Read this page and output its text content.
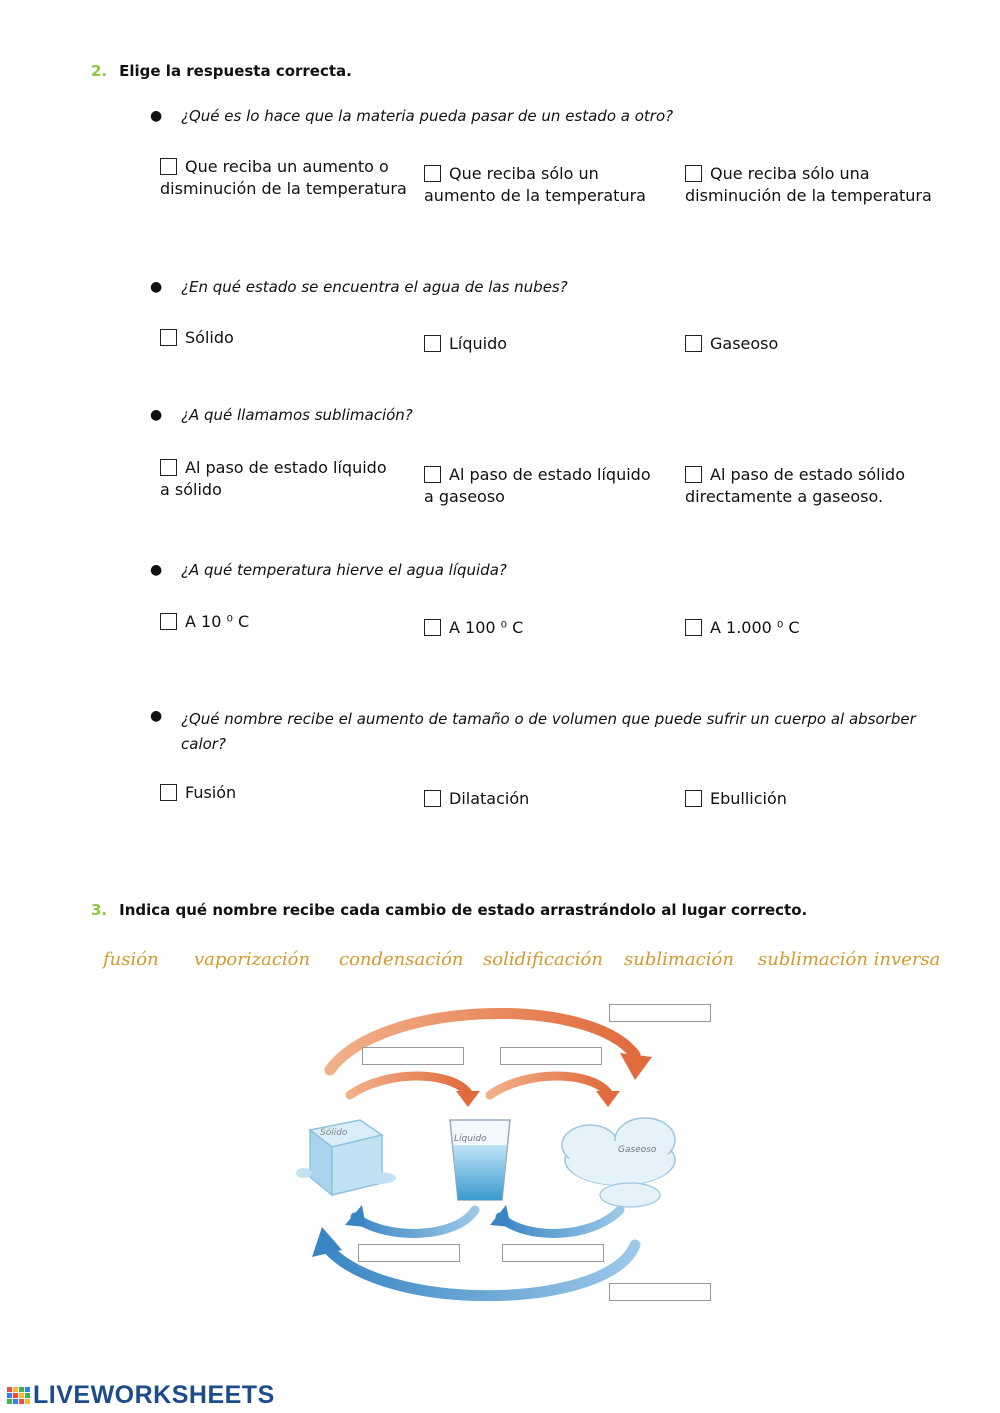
2. Elige la respuesta correcta.
● ¿Qué es lo hace que la materia pueda pasar de un estado a otro?
Que reciba un aumento o
disminución de la temperatura
Que reciba sólo un
aumento de la temperatura
Que reciba sólo una
disminución de la temperatura
● ¿En qué estado se encuentra el agua de las nubes?
Sólido	Líquido	Gaseoso
● ¿A qué llamamos sublimación?
Al paso de estado líquido
a sólido
Al paso de estado líquido
a gaseoso
Al paso de estado sólido
directamente a gaseoso.
● ¿A qué temperatura hierve el agua líquida?
A 10 ⁰ C	A 100 ⁰ C	A 1.000 ⁰ C
● ¿Qué nombre recibe el aumento de tamaño o de volumen que puede sufrir un cuerpo al absorber
calor?
Fusión	Dilatación	Ebullición
3. Indica qué nombre recibe cada cambio de estado arrastrándolo al lugar correcto.
fusión vaporización condensación solidificación sublimación sublimación inversa
Sólido
Líquido
Gaseoso

LIVEWORKSHEETS
